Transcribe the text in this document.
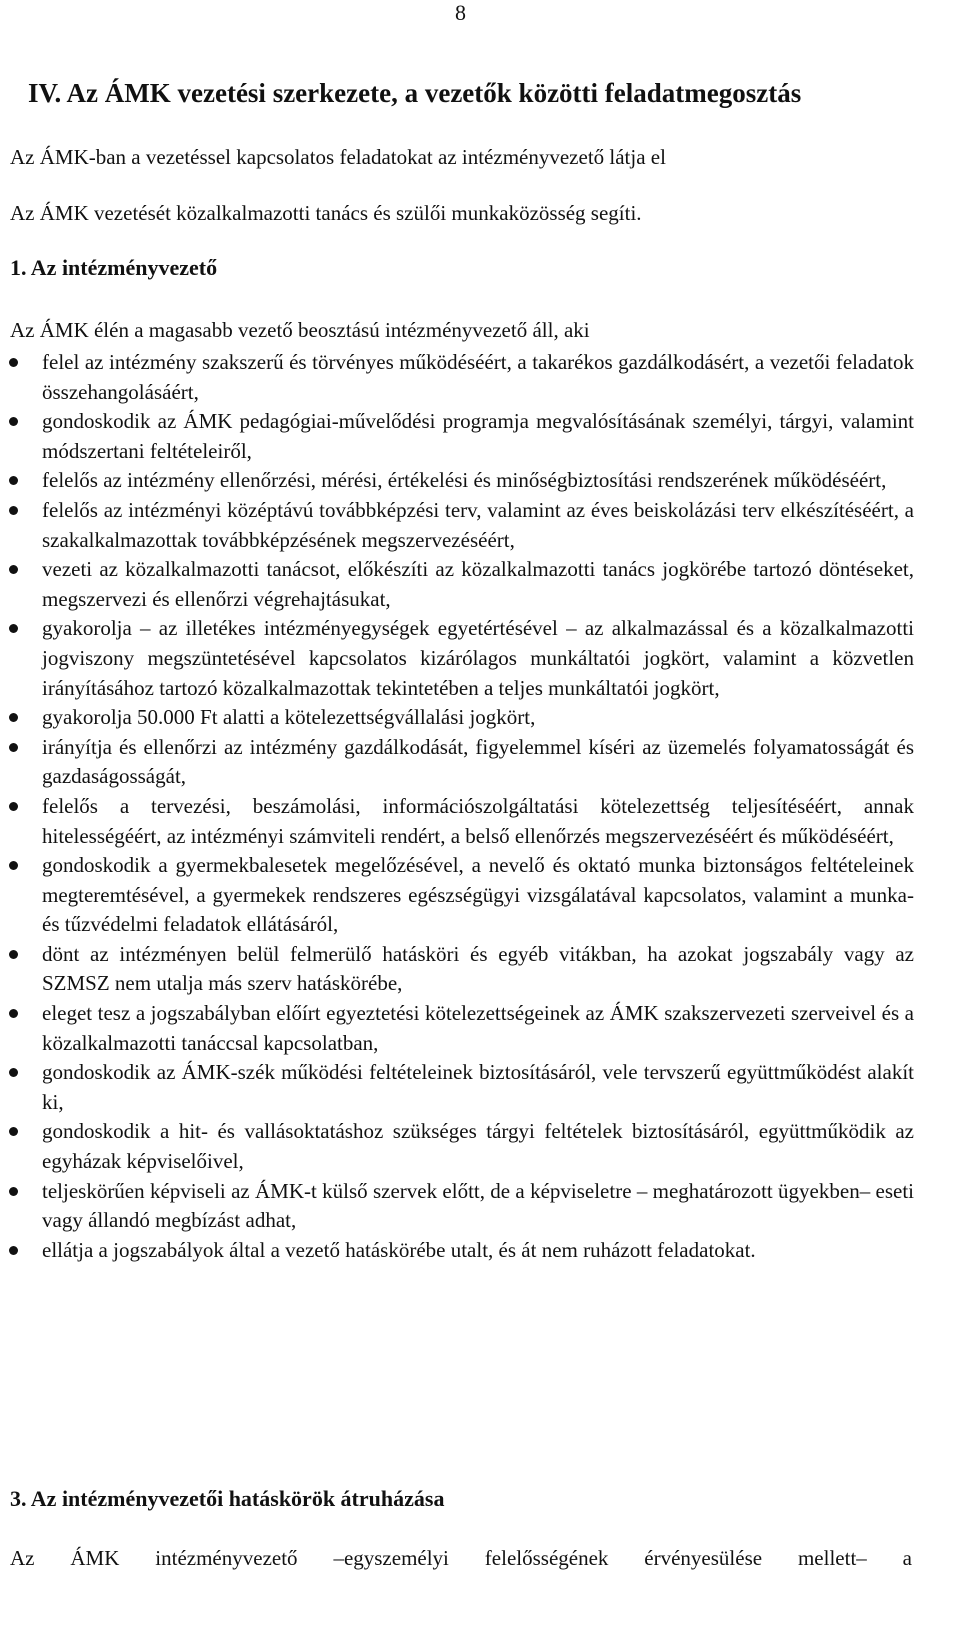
8
IV. Az ÁMK vezetési szerkezete, a vezetők közötti feladatmegosztás
Az ÁMK-ban a vezetéssel kapcsolatos feladatokat az intézményvezető látja el
Az ÁMK vezetését közalkalmazotti tanács és szülői munkaközösség segíti.
1. Az intézményvezető
Az ÁMK élén a magasabb vezető beosztású intézményvezető áll, aki
felel az intézmény szakszerű és törvényes működéséért, a takarékos gazdálkodásért, a vezetői feladatok összehangolásáért,
gondoskodik az ÁMK pedagógiai-művelődési programja megvalósításának személyi, tárgyi, valamint módszertani feltételeiről,
felelős az intézmény ellenőrzési, mérési, értékelési és minőségbiztosítási rendszerének működéséért,
felelős az intézményi középtávú továbbképzési terv, valamint az éves beiskolázási terv elkészítéséért, a szakalkalmazottak továbbképzésének megszervezéséért,
vezeti az közalkalmazotti tanácsot, előkészíti az közalkalmazotti tanács jogkörébe tartozó döntéseket, megszervezi és ellenőrzi végrehajtásukat,
gyakorolja – az illetékes intézményegységek egyetértésével – az alkalmazással és a közalkalmazotti jogviszony megszüntetésével kapcsolatos kizárólagos munkáltatói jogkört, valamint a közvetlen irányításához tartozó közalkalmazottak tekintetében a teljes munkáltatói jogkört,
gyakorolja 50.000 Ft alatti a kötelezettségvállalási jogkört,
irányítja és ellenőrzi az intézmény gazdálkodását, figyelemmel kíséri az üzemelés folyamatosságát és gazdaságosságát,
felelős a tervezési, beszámolási, információszolgáltatási kötelezettség teljesítéséért, annak hitelességéért, az intézményi számviteli rendért, a belső ellenőrzés megszervezéséért és működéséért,
gondoskodik a gyermekbalesetek megelőzésével, a nevelő és oktató munka biztonságos feltételeinek megteremtésével, a gyermekek rendszeres egészségügyi vizsgálatával kapcsolatos, valamint a munka- és tűzvédelmi feladatok ellátásáról,
dönt az intézményen belül felmerülő hatásköri és egyéb vitákban, ha azokat jogszabály vagy az SZMSZ nem utalja más szerv hatáskörébe,
eleget tesz a jogszabályban előírt egyeztetési kötelezettségeinek az ÁMK szakszervezeti szerveivel és a közalkalmazotti tanáccsal kapcsolatban,
gondoskodik az ÁMK-szék működési feltételeinek biztosításáról, vele tervszerű együttműködést alakít ki,
gondoskodik a hit- és vallásoktatáshoz szükséges tárgyi feltételek biztosításáról, együttműködik az egyházak képviselőivel,
teljeskörűen képviseli az ÁMK-t külső szervek előtt, de a képviseletre – meghatározott ügyekben– eseti vagy állandó megbízást adhat,
ellátja a jogszabályok által a vezető hatáskörébe utalt, és át nem ruházott feladatokat.
3. Az intézményvezetői hatáskörök átruházása
Az ÁMK intézményvezető –egyszemélyi felelősségének érvényesülése mellett– a
